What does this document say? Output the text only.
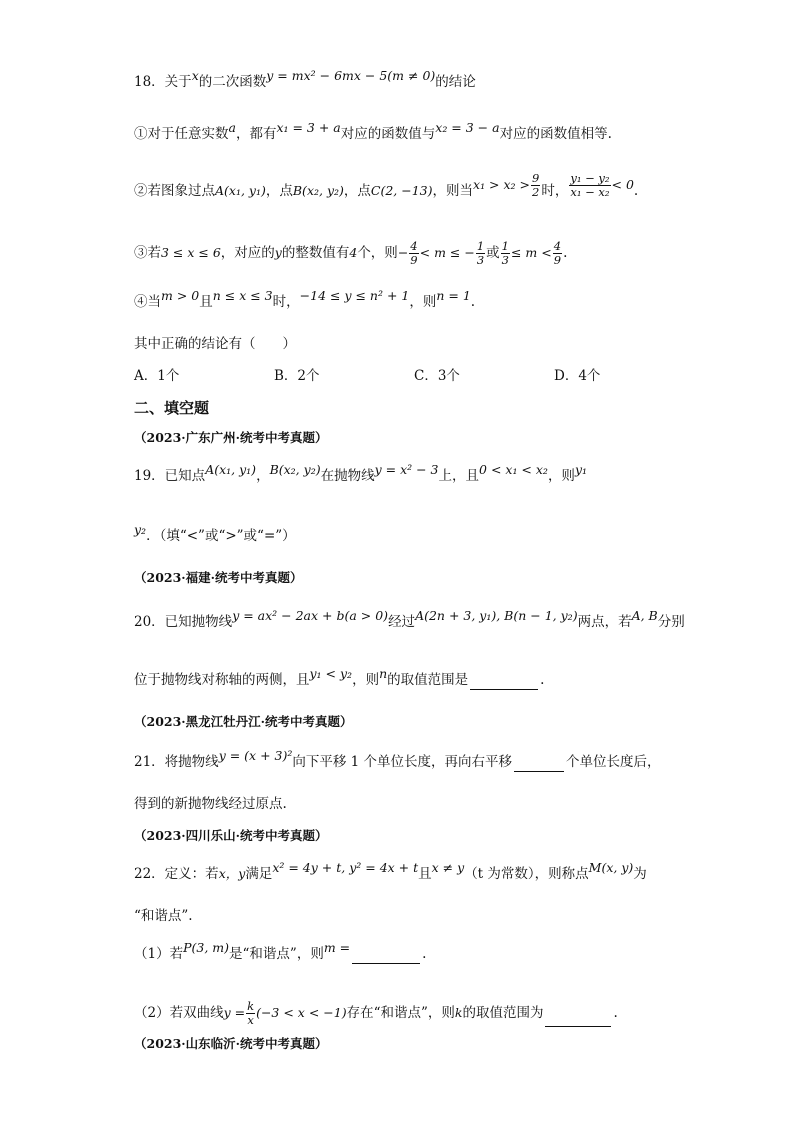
18．关于x的二次函数y = mx² − 6mx − 5(m ≠ 0)的结论
①对于任意实数a，都有x₁ = 3 + a对应的函数值与x₂ = 3 − a对应的函数值相等.
②若图象过点A(x₁, y₁)，点B(x₂, y₂)，点C(2, −13)，则当$x_1 > x_2 > \frac{9}{2}$ 时， $\frac{\text{y₁ − y₂}}{\text{x₁ − x₂}} < 0$.
③若3 ≤ x ≤ 6，对应的y的整数值有4个，则− $\frac{4}{9} < m$ ≤ − $\frac{1}{3}$ 或 $\frac{1}{3} \le m < \frac{4}{9}$ .
④当m > 0且n ≤ x ≤ 3时，−14 ≤ y ≤ n² + 1，则n = 1.
其中正确的结论有（　　）
A．1个	B．2个	C．3个	D．4个
二、填空题
（2023·广东广州·统考中考真题）
19．已知点A(x₁, y₁)，B(x₂, y₂)在抛物线y = x² − 3上，且0 < x₁ < x₂，则y₁
y₂．（填“<”或“>”或“=”）
（2023·福建·统考中考真题）
20．已知抛物线y = ax² − 2ax + b(a > 0)经过A(2n + 3, y₁), B(n − 1, y₂)两点，若A, B分别
位于抛物线对称轴的两侧，且y₁ < y₂，则n的取值范围是	.
（2023·黑龙江牡丹江·统考中考真题）
21．将抛物线y = (x + 3)²向下平移 1 个单位长度，再向右平移	个单位长度后，
得到的新抛物线经过原点.
（2023·四川乐山·统考中考真题）
22．定义：若x，y满足x² = 4y + t, y² = 4x + t且x ≠ y（t 为常数），则称点M(x, y)为
“和谐点”.
（1）若P(3, m)是“和谐点”，则m =	.
（2）若双曲线$y = \frac{k}{x} (-3 < x < -1)$存在“和谐点”，则k的取值范围为	.
（2023·山东临沂·统考中考真题）
